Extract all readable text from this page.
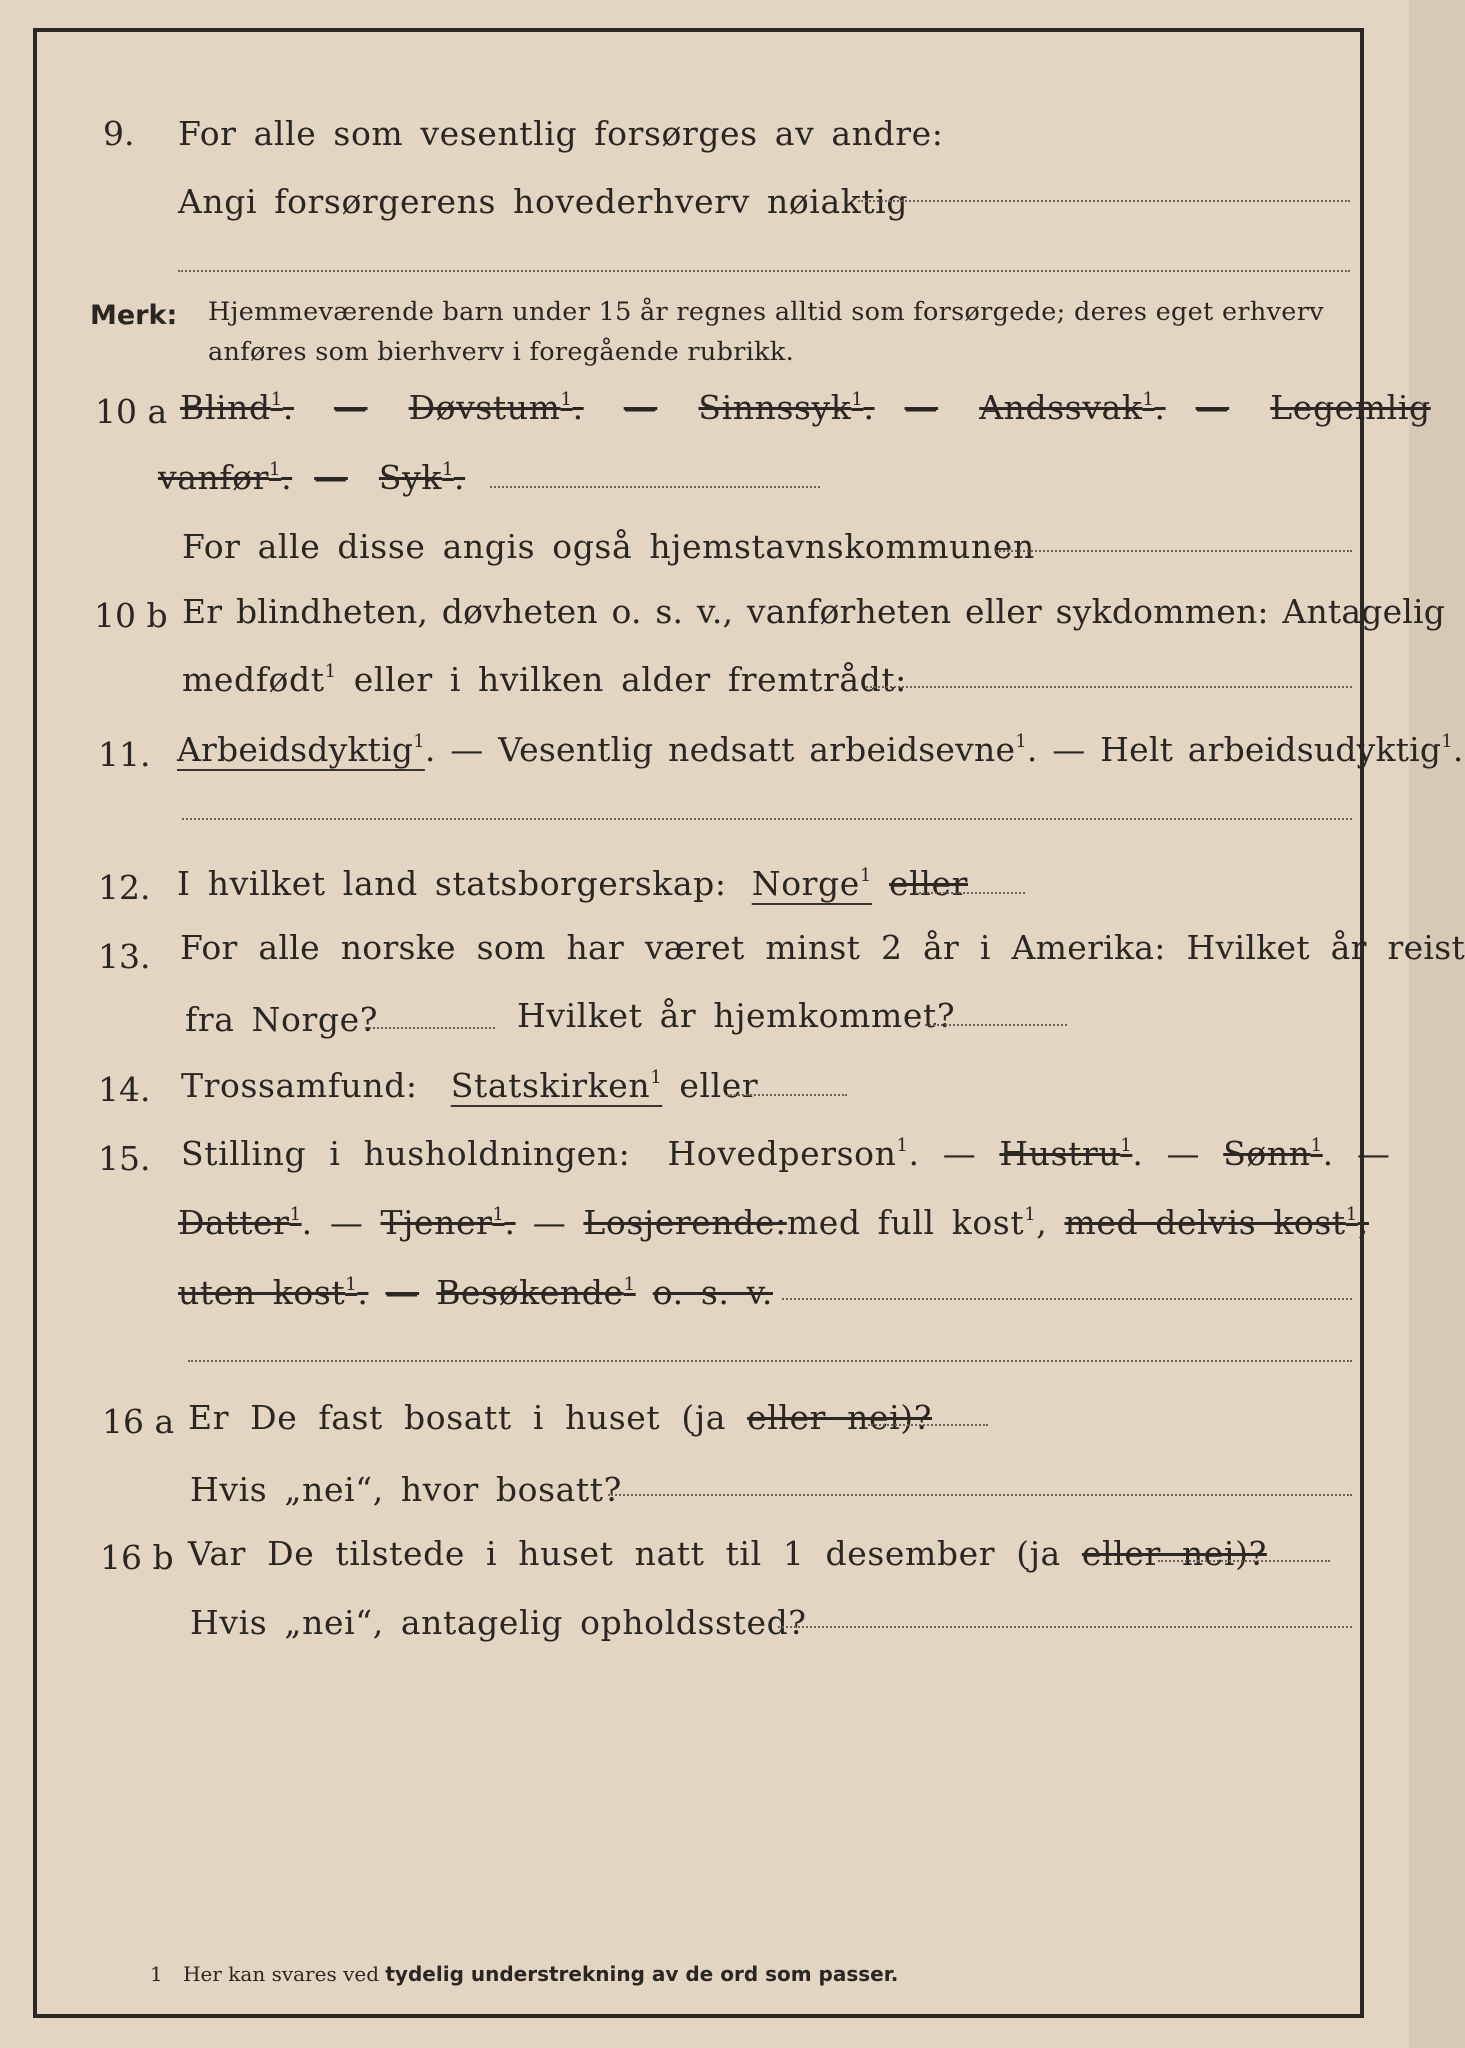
9. For alle som vesentlig forsørges av andre:
Angi forsørgerens hovederhverv nøiaktig
Merk: Hjemmeværende barn under 15 år regnes alltid som forsørgede; deres eget erhverv anføres som bierhverv i foregående rubrikk.
10 a Blind$^1$. — Døvstum$^1$. — Sinnssyk$^1$. — Andssvak$^1$. — Legemlig
vanfør$^1$. — Syk$^1$.
For alle disse angis også hjemstavnskommunen
10 b Er blindheten, døvheten o. s. v., vanførheten eller sykdommen: Antagelig
medfødt$^1$ eller i hvilken alder fremtrådt:
11. Arbeidsdyktig$^1$. — Vesentlig nedsatt arbeidsevne$^1$. — Helt arbeidsudyktig$^1$.
12. I hvilket land statsborgerskap: Norge$^1$ eller
13. For alle norske som har været minst 2 år i Amerika: Hvilket år reist
fra Norge?	Hvilket år hjemkommet?
14. Trossamfund: Statskirken$^1$ eller
15. Stilling i husholdningen: Hovedperson$^1$. — Hustru$^1$. — Sønn$^1$. —
Datter$^1$. — Tjener$^1$. — Losjerende:med full kost$^1$, med delvis kost$^1$,
uten kost$^1$. — Besøkende$^1$ o. s. v.
16 a Er De fast bosatt i huset (ja eller nei)?
Hvis „nei“, hvor bosatt?
16 b Var De tilstede i huset natt til 1 desember (ja eller nei)?
Hvis „nei“, antagelig opholdssted?
1 Her kan svares ved tydelig understrekning av de ord som passer.
